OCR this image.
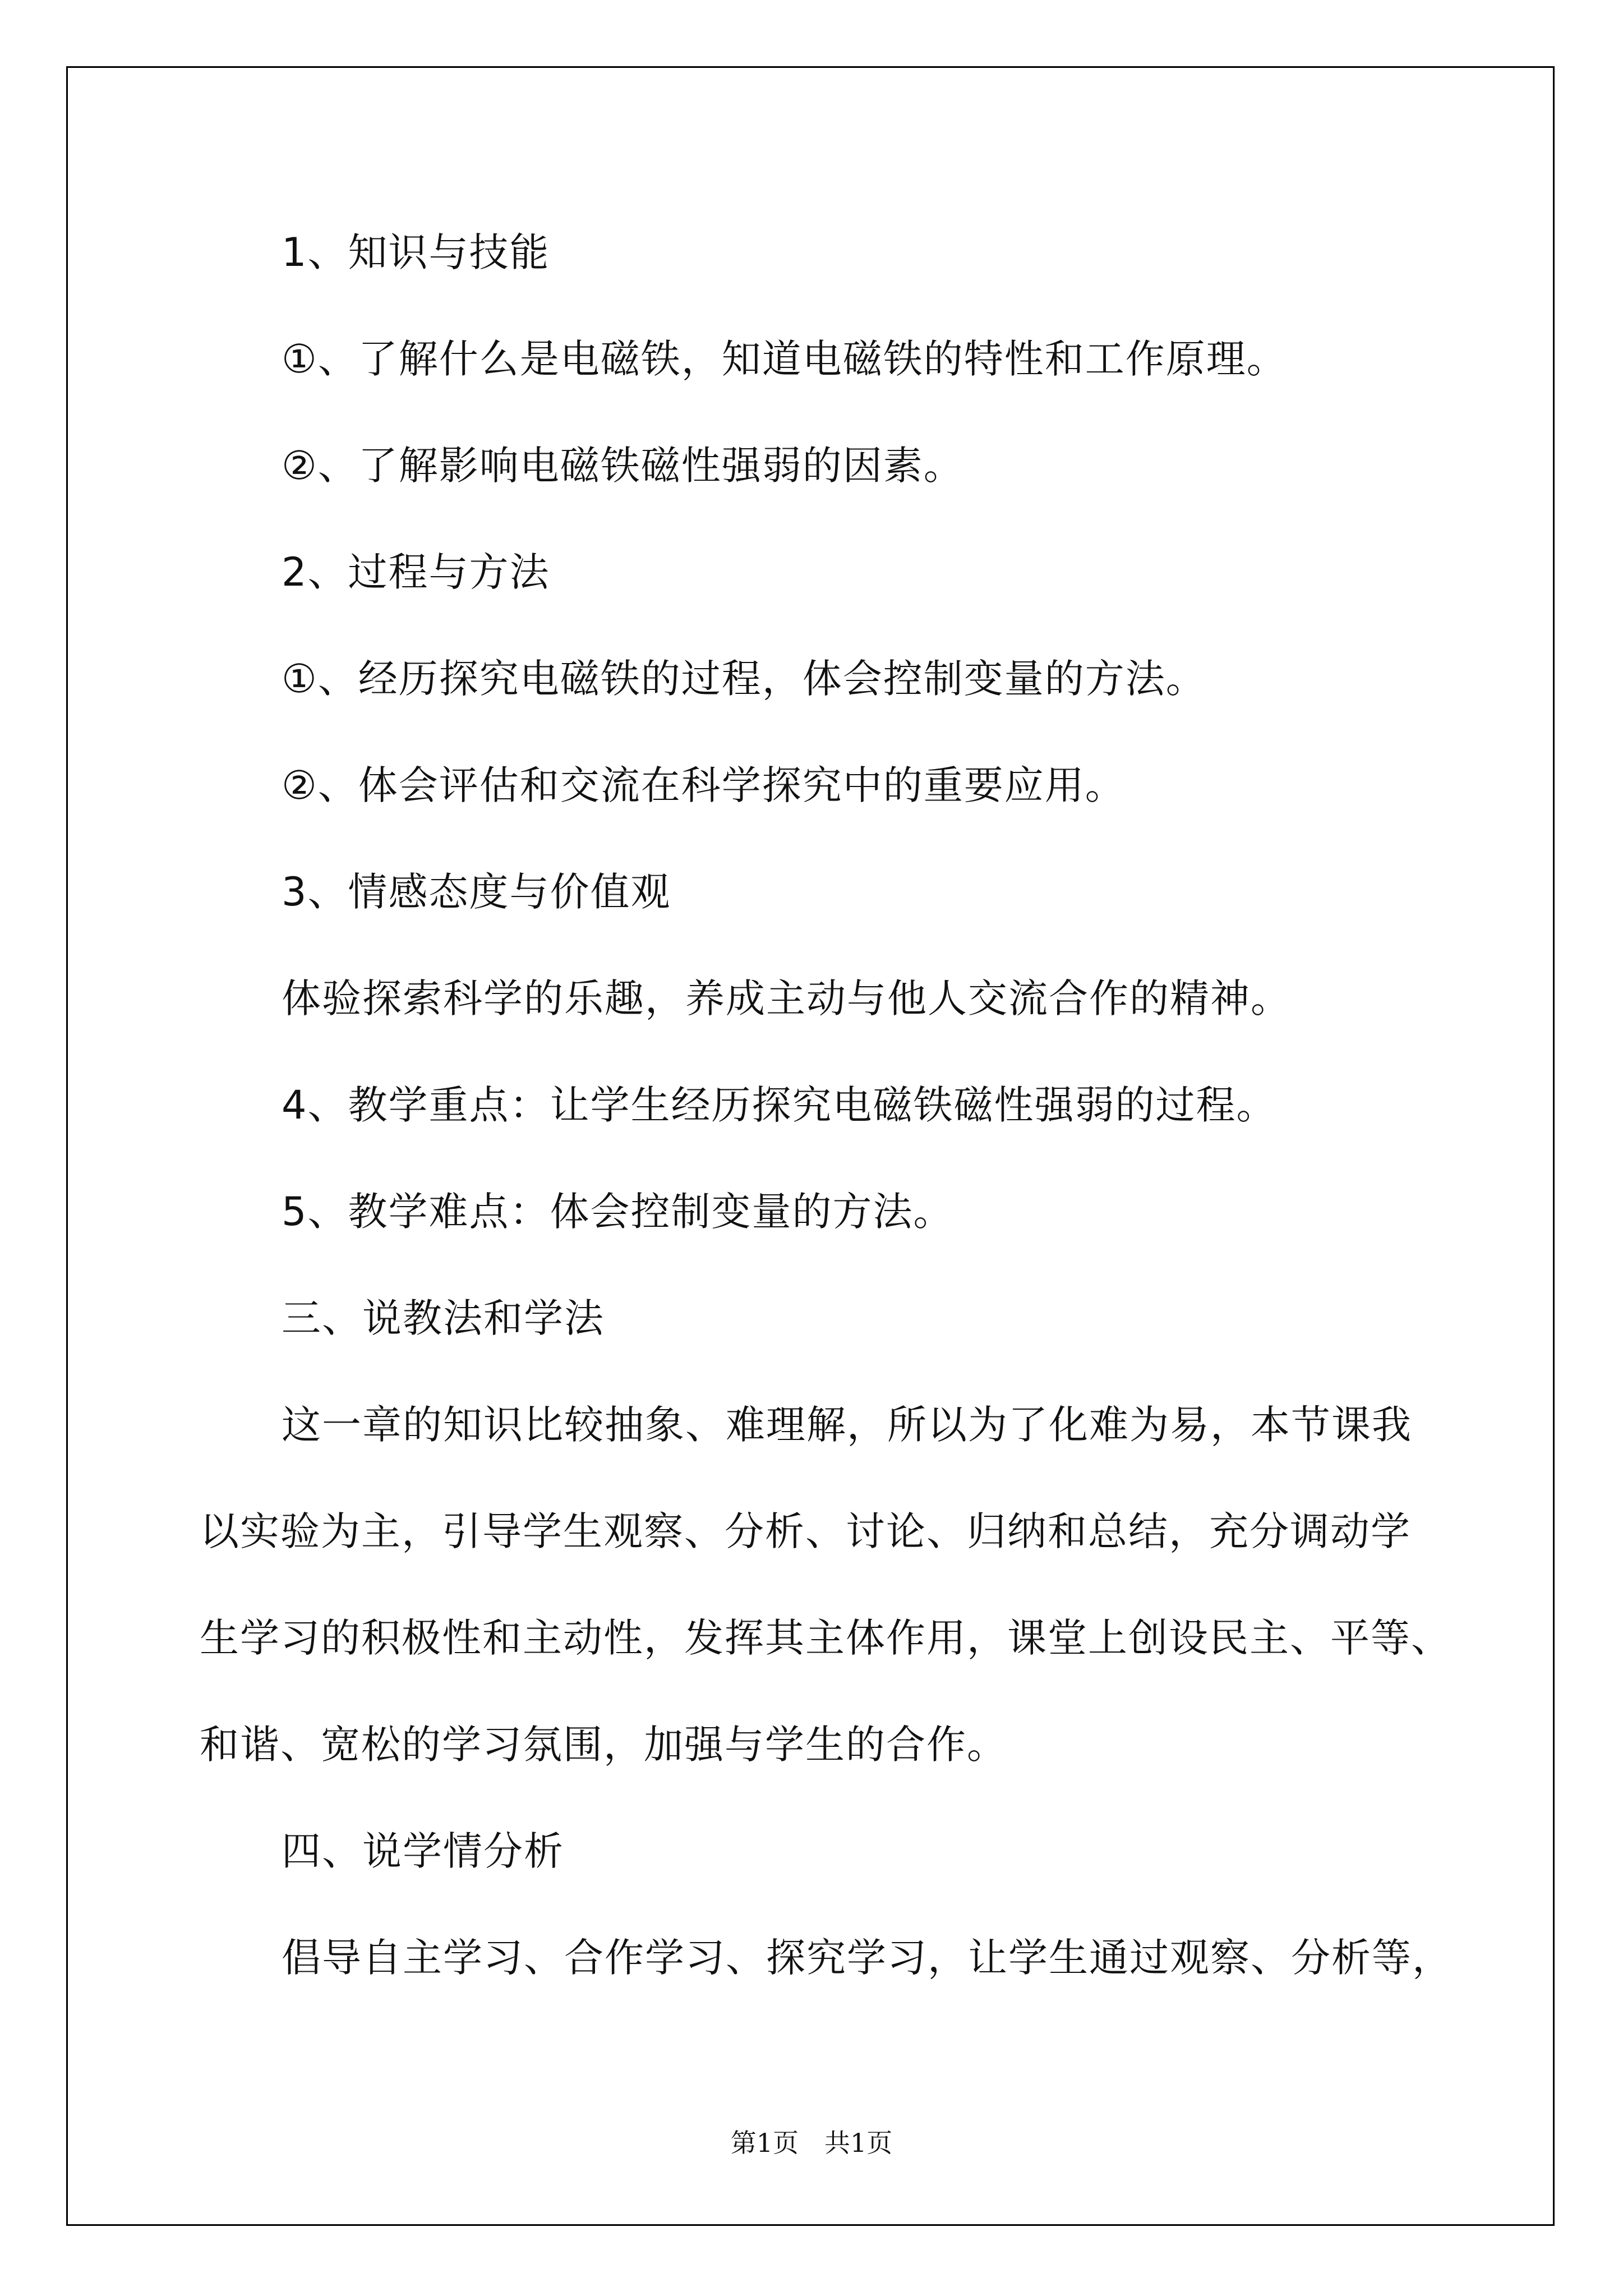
1、知识与技能

①、了解什么是电磁铁，知道电磁铁的特性和工作原理。

②、了解影响电磁铁磁性强弱的因素。

2、过程与方法

①、经历探究电磁铁的过程，体会控制变量的方法。

②、体会评估和交流在科学探究中的重要应用。

3、情感态度与价值观

体验探索科学的乐趣，养成主动与他人交流合作的精神。

4、教学重点：让学生经历探究电磁铁磁性强弱的过程。

5、教学难点：体会控制变量的方法。

三、说教法和学法

这一章的知识比较抽象、难理解，所以为了化难为易，本节课我

以实验为主，引导学生观察、分析、讨论、归纳和总结，充分调动学

生学习的积极性和主动性，发挥其主体作用，课堂上创设民主、平等、

和谐、宽松的学习氛围，加强与学生的合作。

四、说学情分析

倡导自主学习、合作学习、探究学习，让学生通过观察、分析等，

第1页　共1页
